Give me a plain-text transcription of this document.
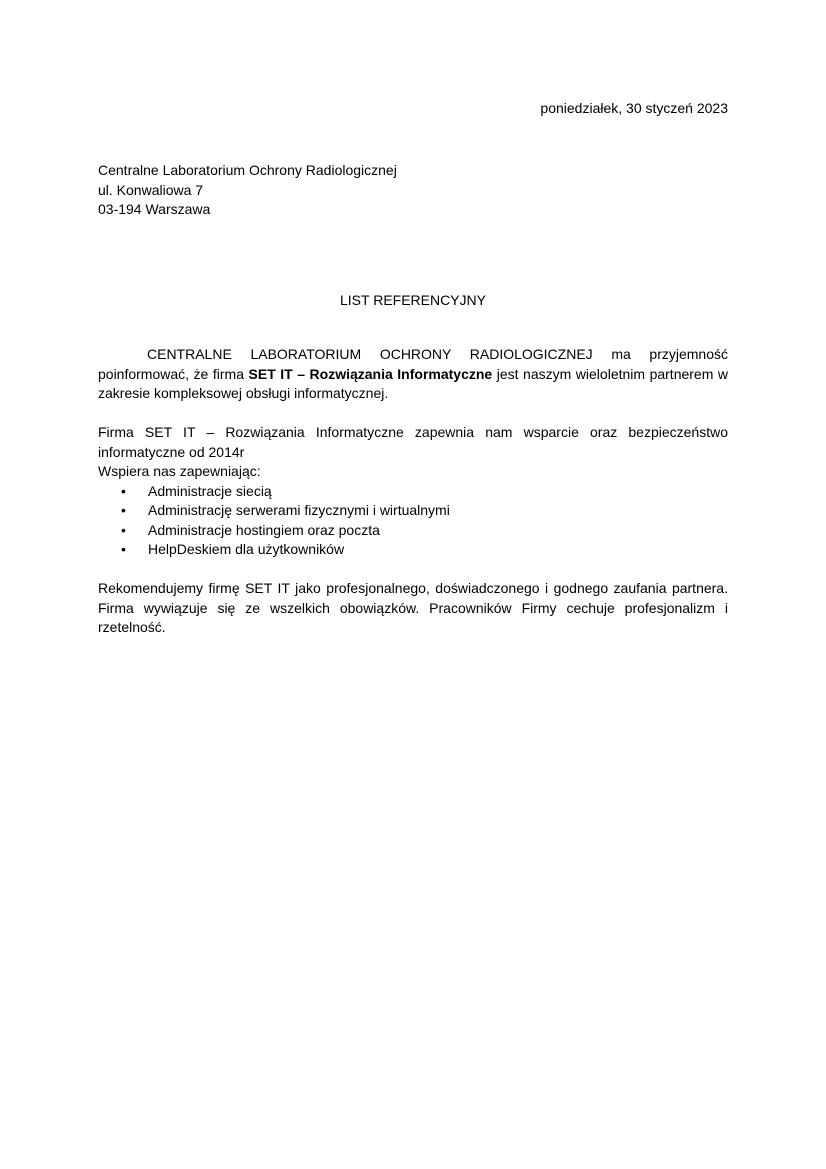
poniedziałek, 30 styczeń 2023
Centralne Laboratorium Ochrony Radiologicznej
ul. Konwaliowa 7
03-194 Warszawa
LIST REFERENCYJNY

CENTRALNE LABORATORIUM OCHRONY RADIOLOGICZNEJ ma przyjemność poinformować, że firma SET IT – Rozwiązania Informatyczne jest naszym wieloletnim partnerem w zakresie kompleksowej obsługi informatycznej.

Firma SET IT – Rozwiązania Informatyczne zapewnia nam wsparcie oraz bezpieczeństwo informatyczne od 2014r

Wspiera nas zapewniając:
• Administracje siecią
• Administrację serwerami fizycznymi i wirtualnymi
• Administracje hostingiem oraz poczta
• HelpDeskiem dla użytkowników

Rekomendujemy firmę SET IT jako profesjonalnego, doświadczonego i godnego zaufania partnera. Firma wywiązuje się ze wszelkich obowiązków. Pracowników Firmy cechuje profesjonalizm i rzetelność.
